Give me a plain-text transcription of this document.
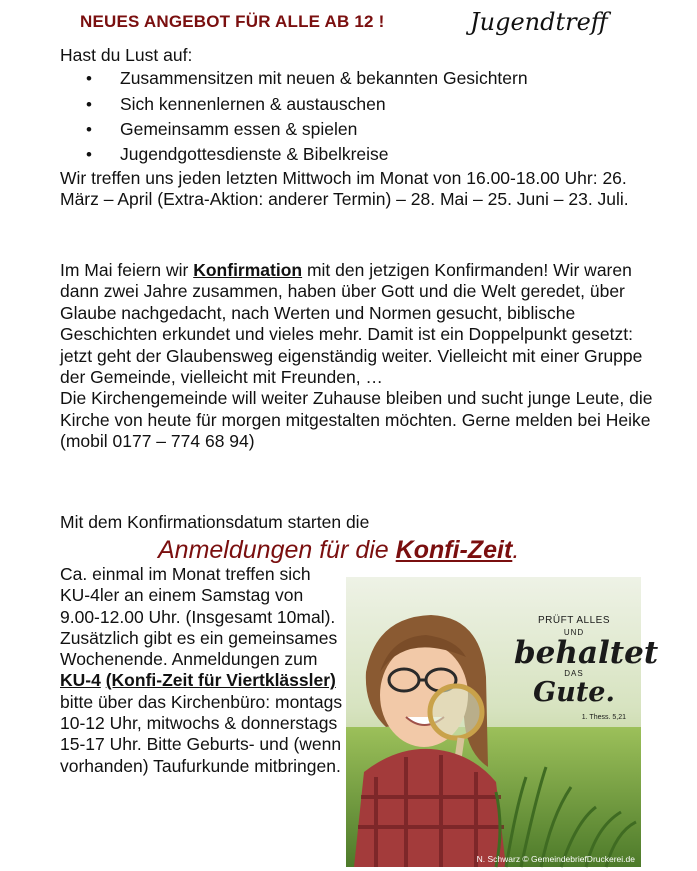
NEUES ANGEBOT FÜR ALLE AB 12 !	Jugendtreff
Hast du Lust auf:
• Zusammensitzen mit neuen & bekannten Gesichtern
• Sich kennenlernen & austauschen
• Gemeinsamm essen & spielen
• Jugendgottesdienste & Bibelkreise
Wir treffen uns jeden letzten Mittwoch im Monat von 16.00-18.00 Uhr: 26. März – April (Extra-Aktion: anderer Termin) – 28. Mai – 25. Juni – 23. Juli.
Im Mai feiern wir Konfirmation mit den jetzigen Konfirmanden! Wir waren dann zwei Jahre zusammen, haben über Gott und die Welt geredet, über Glaube nachgedacht, nach Werten und Normen gesucht, biblische Geschichten erkundet und vieles mehr. Damit ist ein Doppelpunkt gesetzt: jetzt geht der Glaubensweg eigenständig weiter. Vielleicht mit einer Gruppe der Gemeinde, vielleicht mit Freunden, …
Die Kirchengemeinde will weiter Zuhause bleiben und sucht junge Leute, die Kirche von heute für morgen mitgestalten möchten. Gerne melden bei Heike (mobil 0177 – 774 68 94)
Mit dem Konfirmationsdatum starten die
Anmeldungen für die Konfi-Zeit.
Ca. einmal im Monat treffen sich KU-4ler an einem Samstag von 9.00-12.00 Uhr. (Insgesamt 10mal). Zusätzlich gibt es ein gemeinsames Wochenende. Anmeldungen zum KU-4 (Konfi-Zeit für Viertklässler) bitte über das Kirchenbüro: montags 10-12 Uhr, mitwochs & donnerstags 15-17 Uhr. Bitte Geburts- und (wenn vorhanden) Taufurkunde mitbringen.
PRÜFT ALLES
UND
behaltet
DAS
Gute.
1. Thess. 5,21
N. Schwarz © GemeindebriefDruckerei.de
